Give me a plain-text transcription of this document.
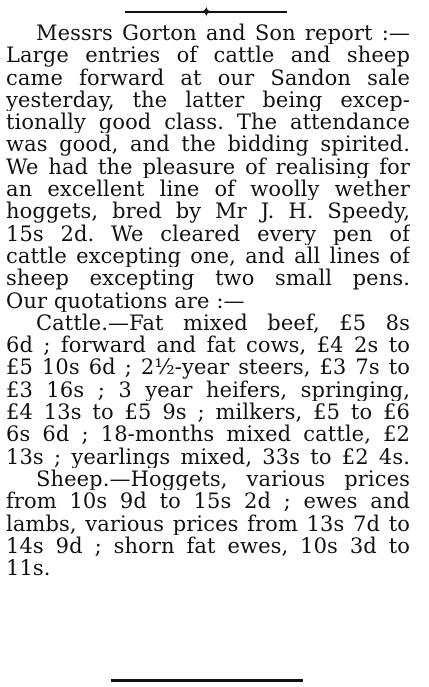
✦
Messrs Gorton and Son report :—
Large entries of cattle and sheep
came forward at our Sandon sale
yesterday, the latter being excep-
tionally good class. The attendance
was good, and the bidding spirited.
We had the pleasure of realising for
an excellent line of woolly wether
hoggets, bred by Mr J. H. Speedy,
15s 2d. We cleared every pen of
cattle excepting one, and all lines of
sheep excepting two small pens.
Our quotations are :—
Cattle.—Fat mixed beef, £5 8s
6d ; forward and fat cows, £4 2s to
£5 10s 6d ; 2½-year steers, £3 7s to
£3 16s ; 3 year heifers, springing,
£4 13s to £5 9s ; milkers, £5 to £6
6s 6d ; 18-months mixed cattle, £2
13s ; yearlings mixed, 33s to £2 4s.
Sheep.—Hoggets, various prices
from 10s 9d to 15s 2d ; ewes and
lambs, various prices from 13s 7d to
14s 9d ; shorn fat ewes, 10s 3d to
11s.
